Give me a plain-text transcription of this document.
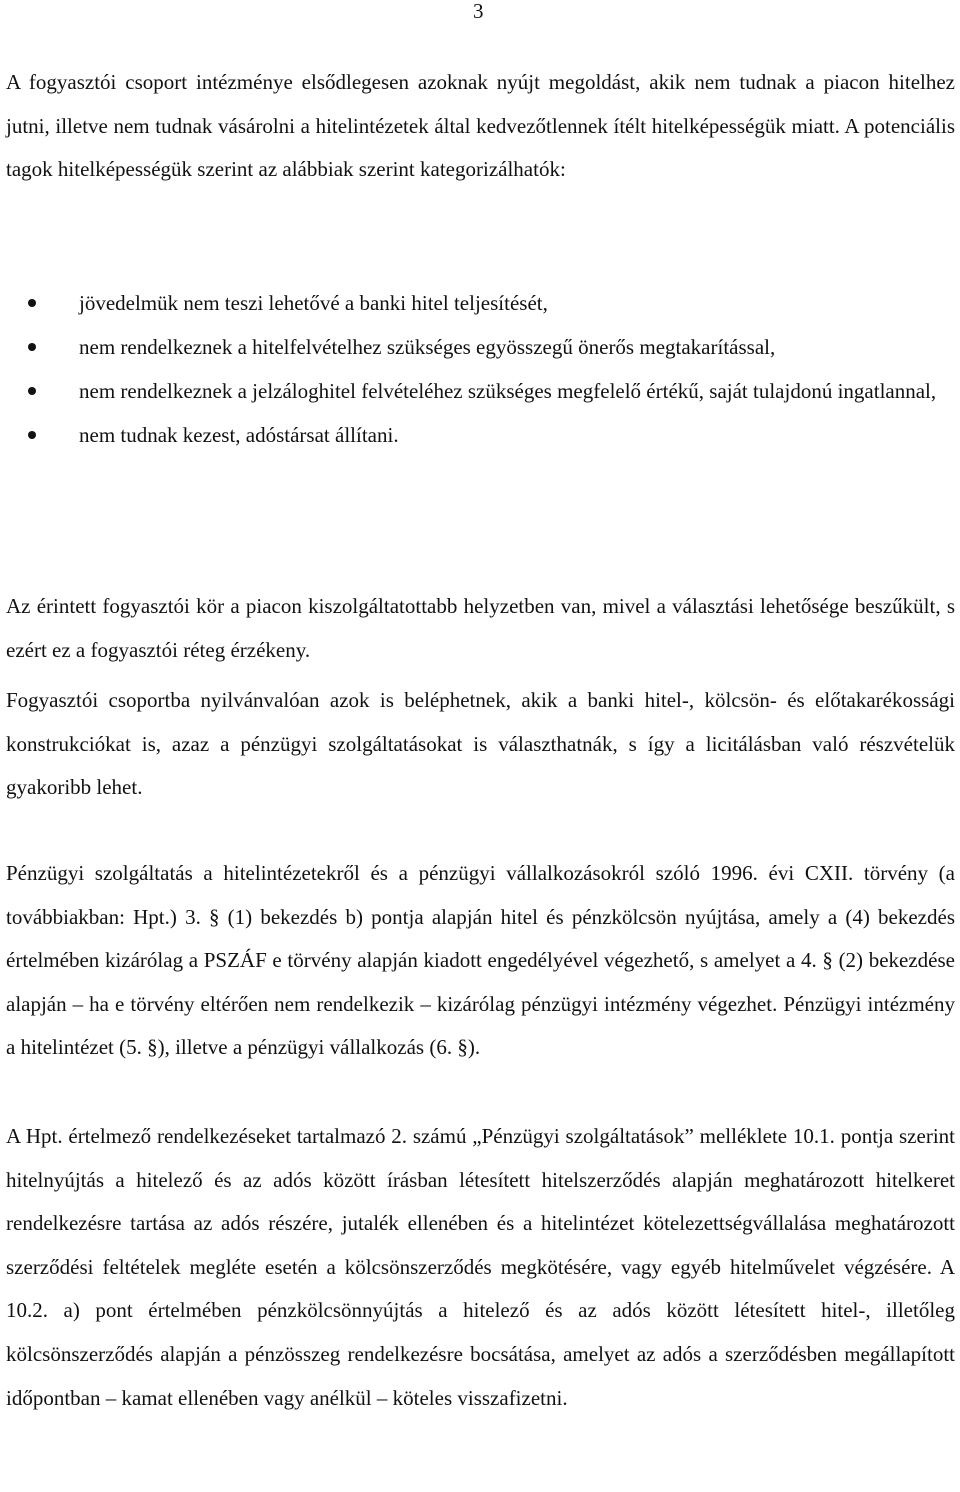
3

A fogyasztói csoport intézménye elsődlegesen azoknak nyújt megoldást, akik nem tudnak a piacon hitelhez jutni, illetve nem tudnak vásárolni a hitelintézetek által kedvezőtlennek ítélt hitelképességük miatt. A potenciális tagok hitelképességük szerint az alábbiak szerint kategorizálhatók:

jövedelmük nem teszi lehetővé a banki hitel teljesítését,
nem rendelkeznek a hitelfelvételhez szükséges egyösszegű önerős megtakarítással,
nem rendelkeznek a jelzáloghitel felvételéhez szükséges megfelelő értékű, saját tulajdonú ingatlannal,
nem tudnak kezest, adóstársat állítani.

Az érintett fogyasztói kör a piacon kiszolgáltatottabb helyzetben van, mivel a választási lehetősége beszűkült, s ezért ez a fogyasztói réteg érzékeny.

Fogyasztói csoportba nyilvánvalóan azok is beléphetnek, akik a banki hitel-, kölcsön- és előtakarékossági konstrukciókat is, azaz a pénzügyi szolgáltatásokat is választhatnák, s így a licitálásban való részvételük gyakoribb lehet.

Pénzügyi szolgáltatás a hitelintézetekről és a pénzügyi vállalkozásokról szóló 1996. évi CXII. törvény (a továbbiakban: Hpt.) 3. § (1) bekezdés b) pontja alapján hitel és pénzkölcsön nyújtása, amely a (4) bekezdés értelmében kizárólag a PSZÁF e törvény alapján kiadott engedélyével végezhető, s amelyet a 4. § (2) bekezdése alapján – ha e törvény eltérően nem rendelkezik – kizárólag pénzügyi intézmény végezhet. Pénzügyi intézmény a hitelintézet (5. §), illetve a pénzügyi vállalkozás (6. §).

A Hpt. értelmező rendelkezéseket tartalmazó 2. számú „Pénzügyi szolgáltatások” melléklete 10.1. pontja szerint hitelnyújtás a hitelező és az adós között írásban létesített hitelszerződés alapján meghatározott hitelkeret rendelkezésre tartása az adós részére, jutalék ellenében és a hitelintézet kötelezettségvállalása meghatározott szerződési feltételek megléte esetén a kölcsönszerződés megkötésére, vagy egyéb hitelművelet végzésére. A 10.2. a) pont értelmében pénzkölcsönnyújtás a hitelező és az adós között létesített hitel-, illetőleg kölcsönszerződés alapján a pénzösszeg rendelkezésre bocsátása, amelyet az adós a szerződésben megállapított időpontban – kamat ellenében vagy anélkül – köteles visszafizetni.
